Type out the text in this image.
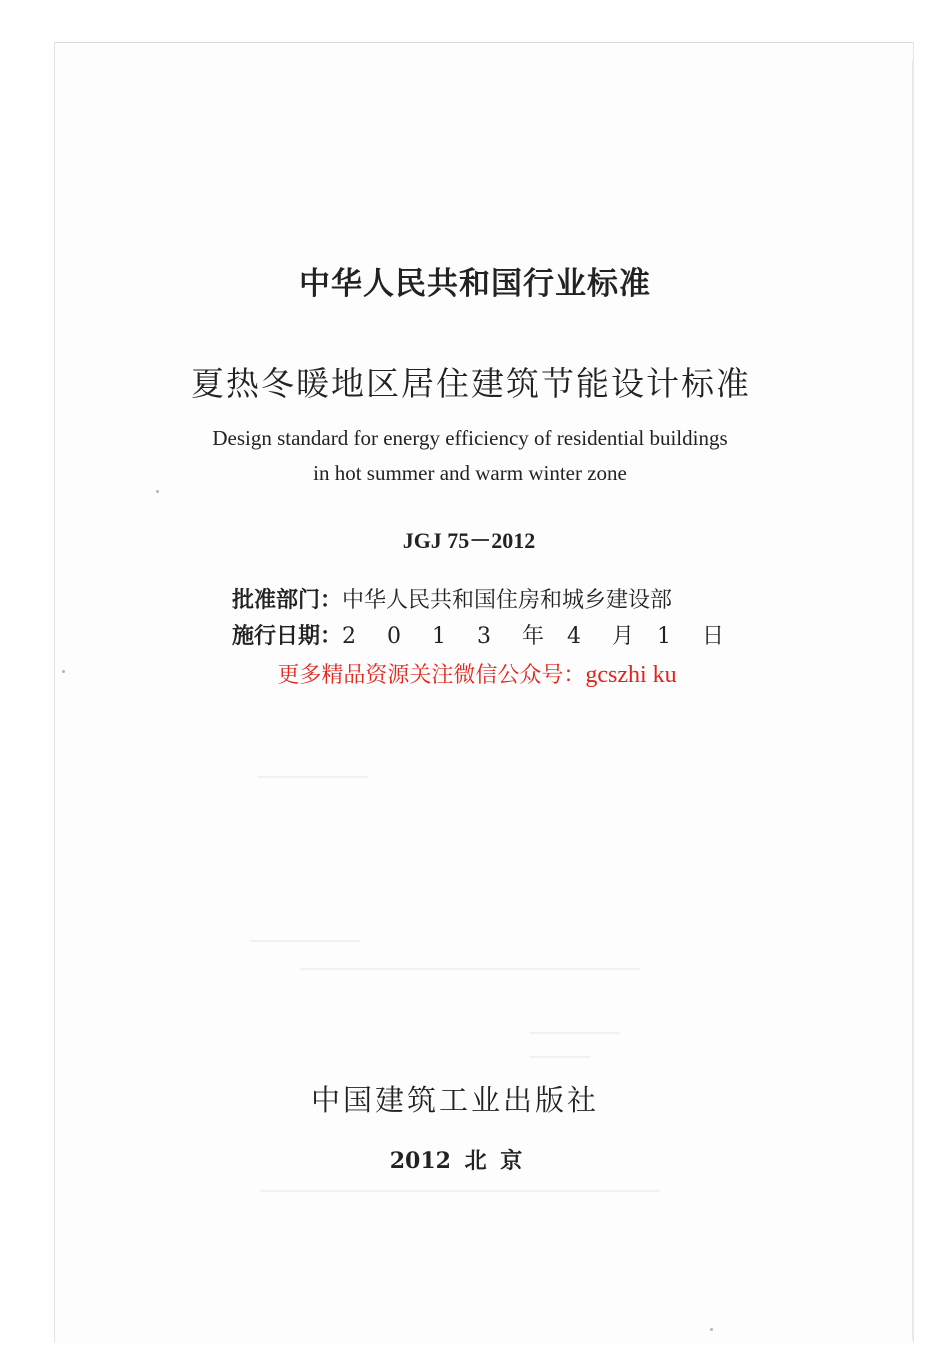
中华人民共和国行业标准
夏热冬暖地区居住建筑节能设计标准
Design standard for energy efficiency of residential buildings
in hot summer and warm winter zone
JGJ 75－2012
批准部门：中华人民共和国住房和城乡建设部
施行日期：2 0 1 3 年 4 月 1 日
更多精品资源关注微信公众号：gcszhi ku
中国建筑工业出版社
2012 北 京
